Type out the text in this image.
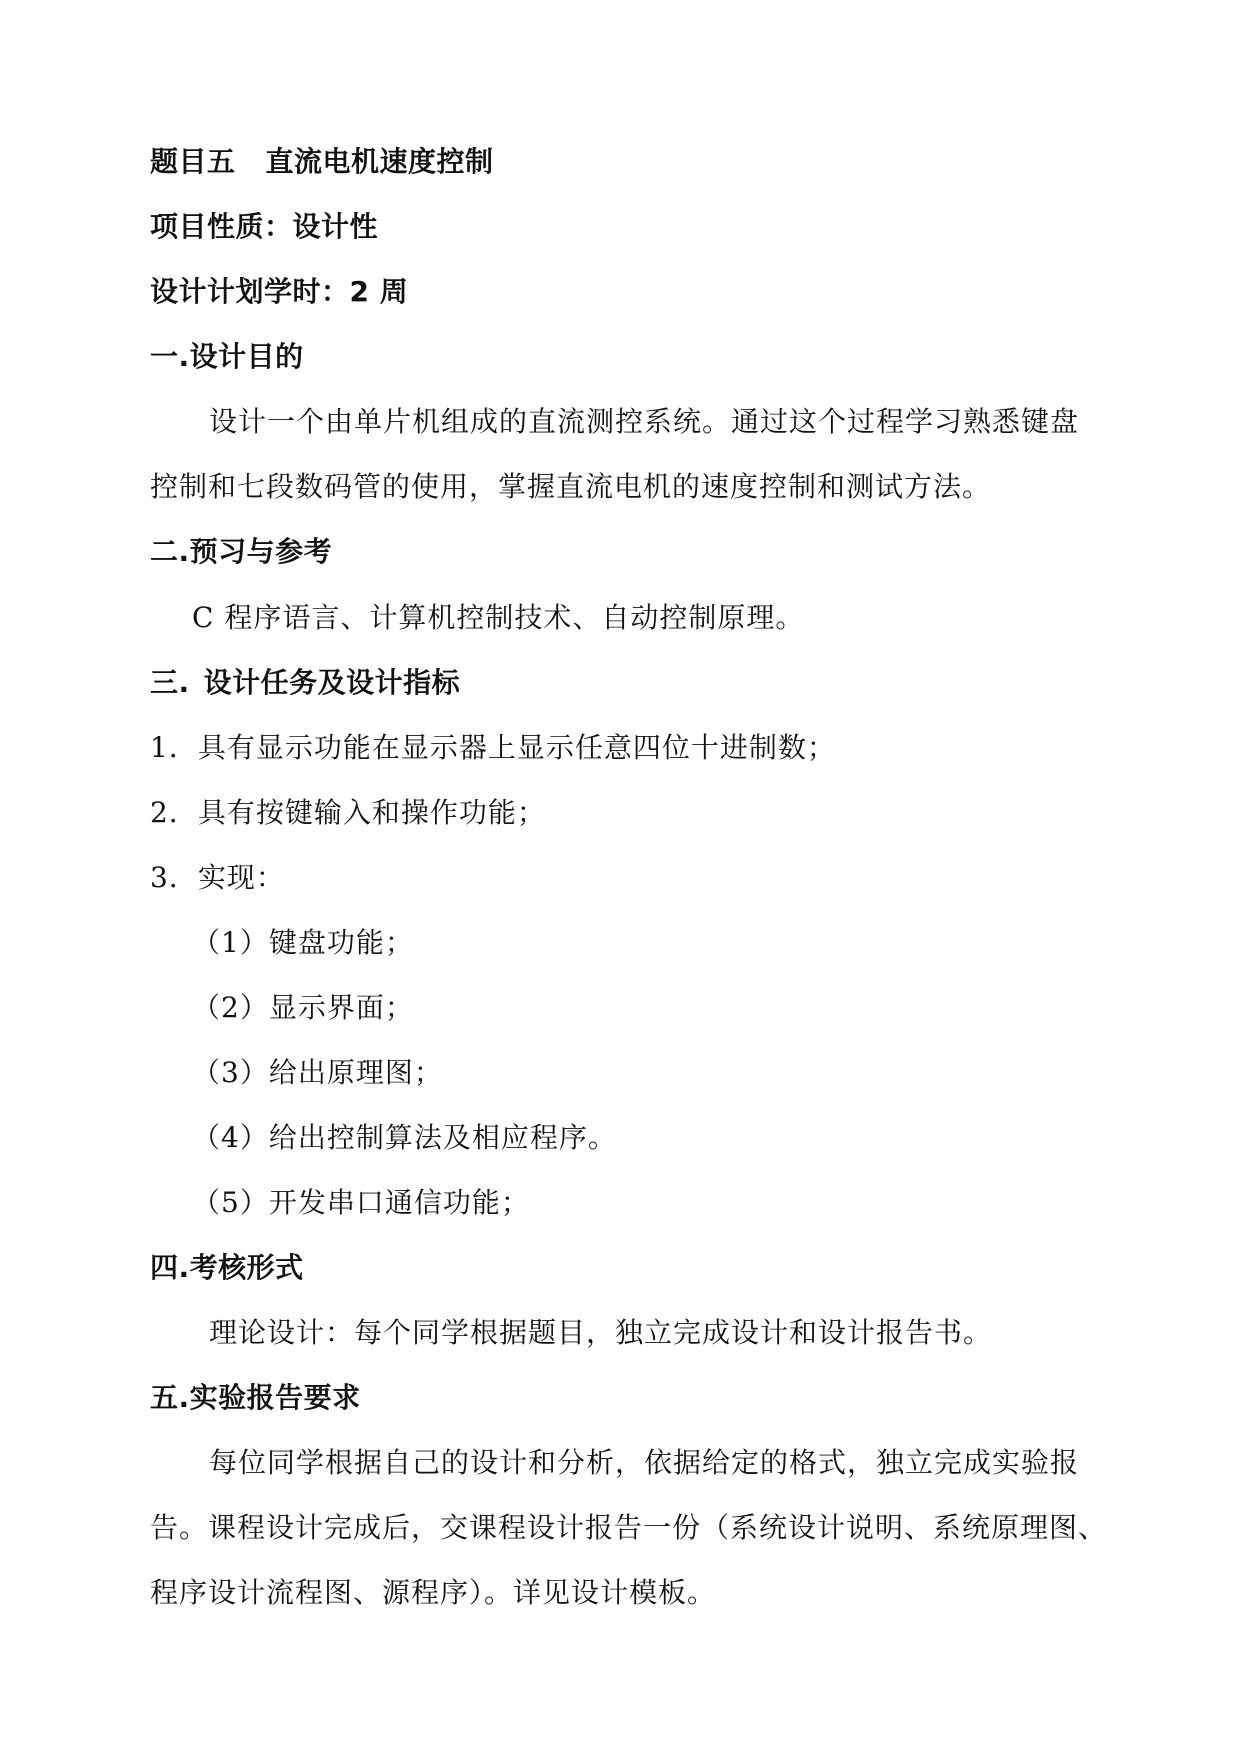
题目五 直流电机速度控制
项目性质：设计性
设计计划学时：2 周
一.设计目的
设计一个由单片机组成的直流测控系统。通过这个过程学习熟悉键盘
控制和七段数码管的使用，掌握直流电机的速度控制和测试方法。
二.预习与参考
C 程序语言、计算机控制技术、自动控制原理。
三. 设计任务及设计指标
1．具有显示功能在显示器上显示任意四位十进制数；
2．具有按键输入和操作功能；
3．实现：
（1）键盘功能；
（2）显示界面；
（3）给出原理图；
（4）给出控制算法及相应程序。
（5）开发串口通信功能；
四.考核形式
理论设计：每个同学根据题目，独立完成设计和设计报告书。
五.实验报告要求
每位同学根据自己的设计和分析，依据给定的格式，独立完成实验报
告。课程设计完成后，交课程设计报告一份（系统设计说明、系统原理图、
程序设计流程图、源程序）。详见设计模板。
